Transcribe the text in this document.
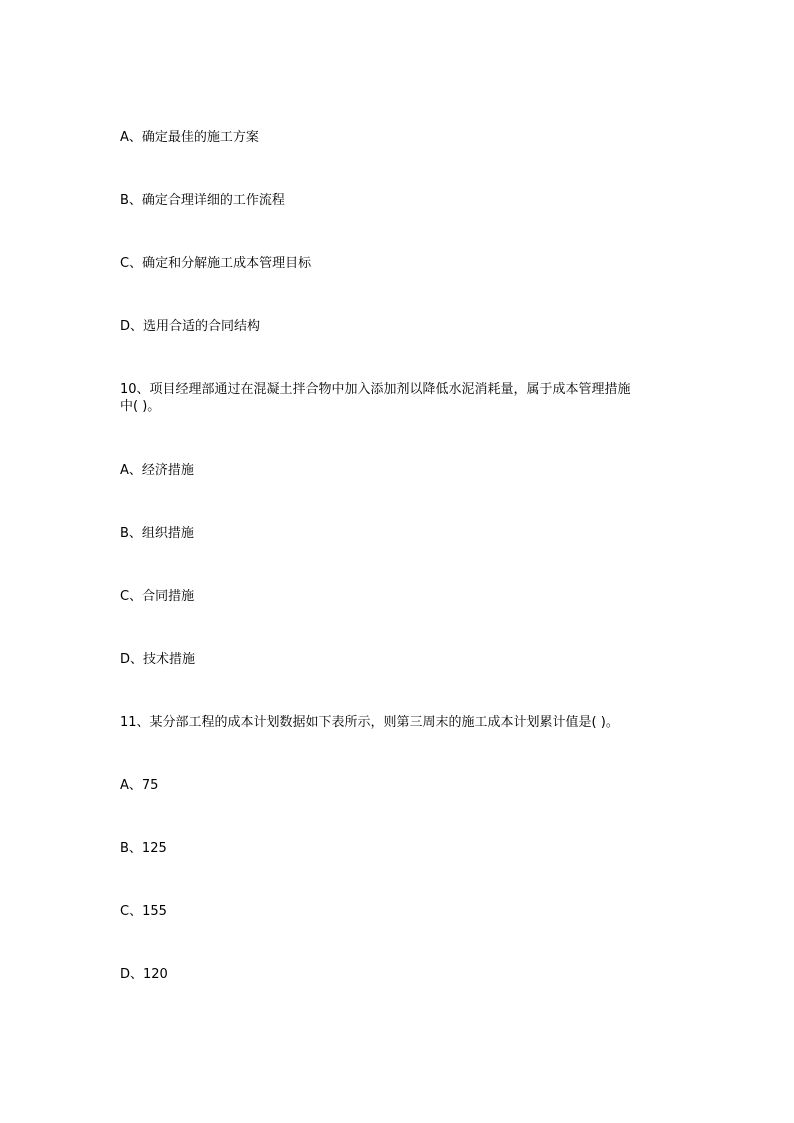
A、确定最佳的施工方案
B、确定合理详细的工作流程
C、确定和分解施工成本管理目标
D、选用合适的合同结构
10、项目经理部通过在混凝土拌合物中加入添加剂以降低水泥消耗量，属于成本管理措施
中( )。
A、经济措施
B、组织措施
C、合同措施
D、技术措施
11、某分部工程的成本计划数据如下表所示，则第三周末的施工成本计划累计值是( )。
A、75
B、125
C、155
D、120
